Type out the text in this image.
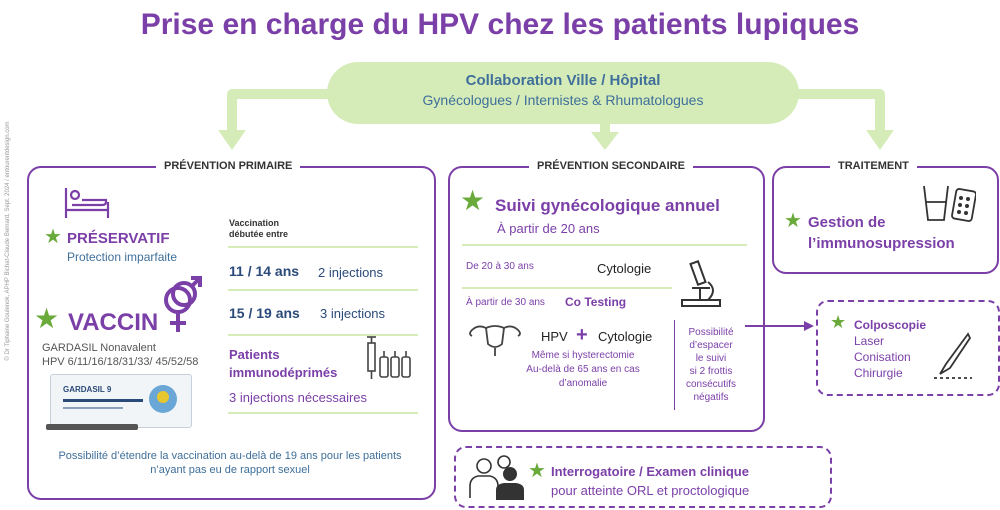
Prise en charge du HPV chez les patients lupiques
© Dr Tiphaine Goulenok, APHP Bichat-Claude Bernard, Sept. 2024 / entourentdesign.com
Collaboration Ville / Hôpital
Gynécologues / Internistes & Rhumatologues
PRÉVENTION PRIMAIRE
★ PRÉSERVATIF
Protection imparfaite
★ VACCIN
GARDASIL Nonavalent
HPV 6/11/16/18/31/33/ 45/52/58
GARDASIL 9
Vaccination
débutée entre
11 / 14 ans 2 injections
15 / 19 ans 3 injections
Patients
immunodéprimés
3 injections nécessaires
Possibilité d’étendre la vaccination au-delà de 19 ans pour les patients
n’ayant pas eu de rapport sexuel
PRÉVENTION SECONDAIRE
★ Suivi gynécologique annuel
À partir de 20 ans
De 20 à 30 ans	Cytologie
À partir de 30 ans Co Testing
HPV + Cytologie
Même si hysterectomie
Au-delà de 65 ans en cas
d’anomalie
Possibilité
d’espacer
le suivi
si 2 frottis
consécutifs
négatifs
TRAITEMENT
★ Gestion de
l’immunosupression
★ Colposcopie
Laser
Conisation
Chirurgie
★ Interrogatoire / Examen clinique
pour atteinte ORL et proctologique
